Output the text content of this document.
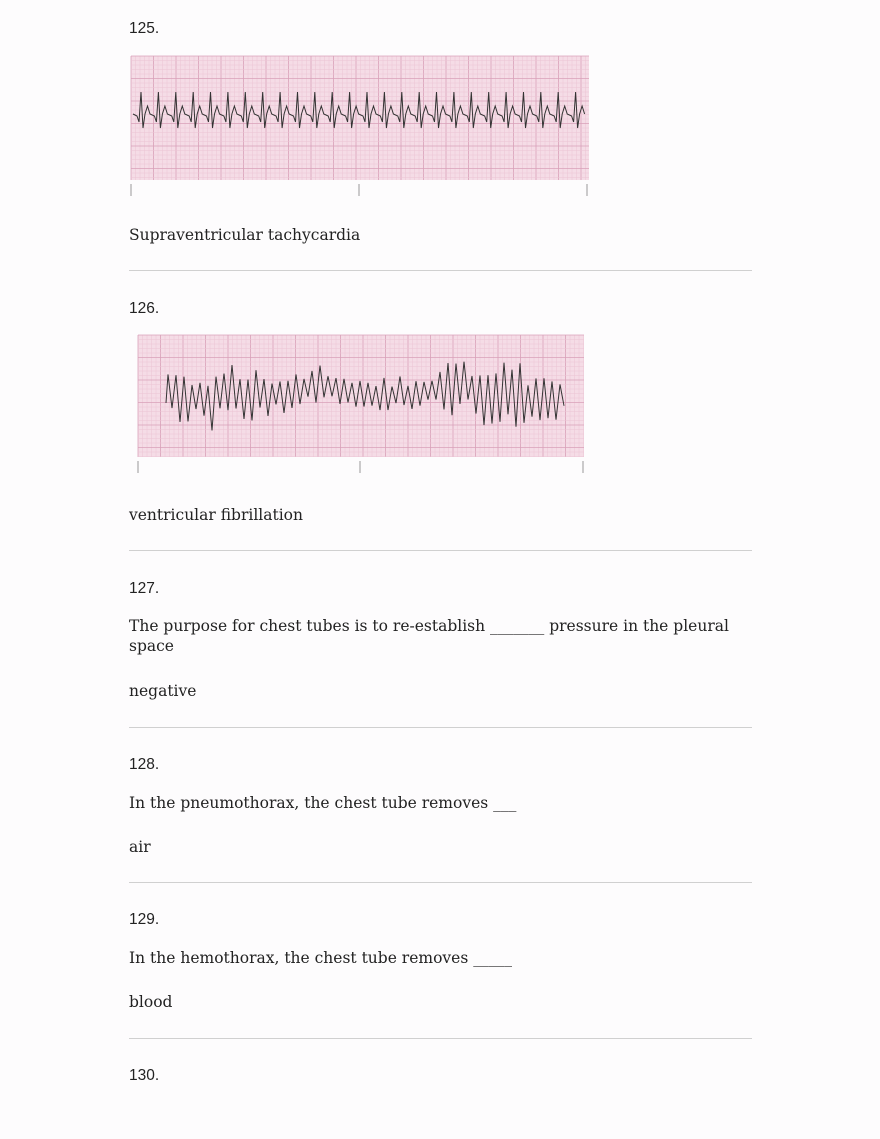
125.
Supraventricular tachycardia
126.
ventricular fibrillation
127.
The purpose for chest tubes is to re-establish _______ pressure in the pleural space
negative
128.
In the pneumothorax, the chest tube removes ___
air
129.
In the hemothorax, the chest tube removes _____
blood
130.
